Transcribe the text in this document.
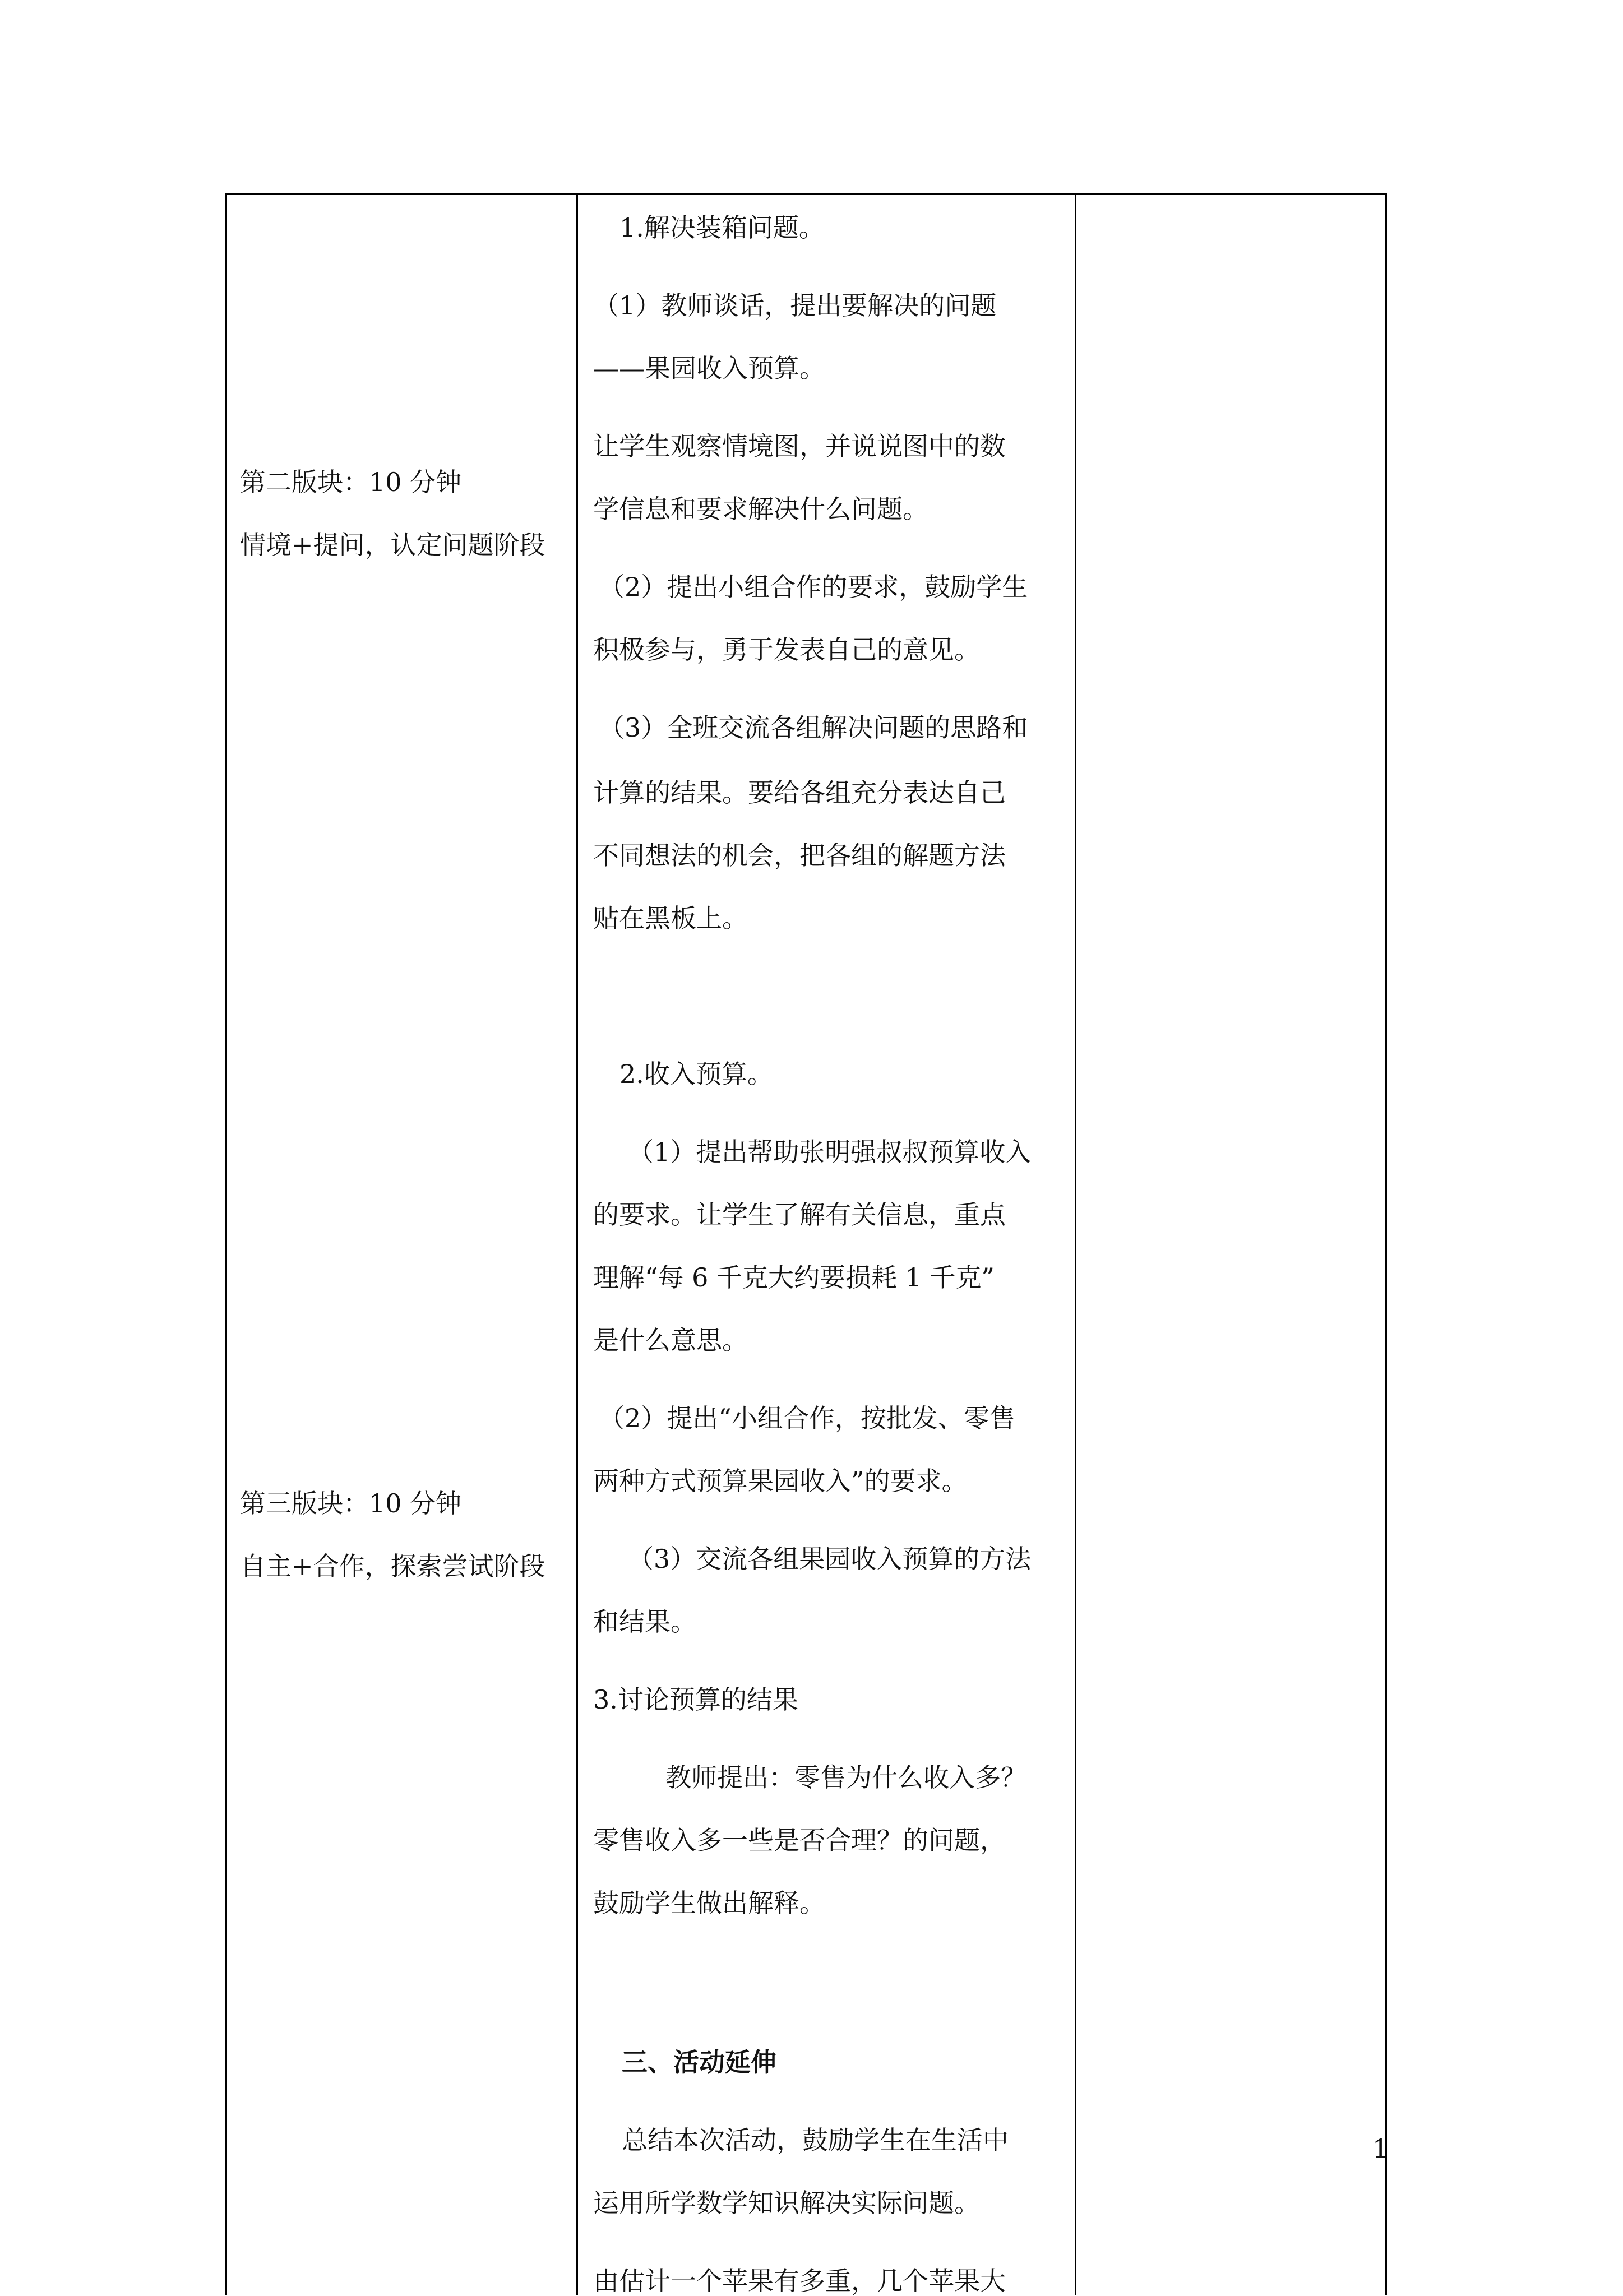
第二版块：10 分钟
情境+提问，认定问题阶段
第三版块：10 分钟
自主+合作，探索尝试阶段
1.解决装箱问题。
（1）教师谈话，提出要解决的问题
——果园收入预算。
让学生观察情境图，并说说图中的数
学信息和要求解决什么问题。
（2）提出小组合作的要求，鼓励学生
积极参与，勇于发表自己的意见。
（3）全班交流各组解决问题的思路和
计算的结果。要给各组充分表达自己
不同想法的机会，把各组的解题方法
贴在黑板上。
2.收入预算。
（1）提出帮助张明强叔叔预算收入
的要求。让学生了解有关信息，重点
理解“每 6 千克大约要损耗 1 千克”
是什么意思。
（2）提出“小组合作，按批发、零售
两种方式预算果园收入”的要求。
（3）交流各组果园收入预算的方法
和结果。
3.讨论预算的结果
教师提出：零售为什么收入多？
零售收入多一些是否合理？的问题，
鼓励学生做出解释。
三、活动延伸
总结本次活动，鼓励学生在生活中
运用所学数学知识解决实际问题。
由估计一个苹果有多重，几个苹果大
1
